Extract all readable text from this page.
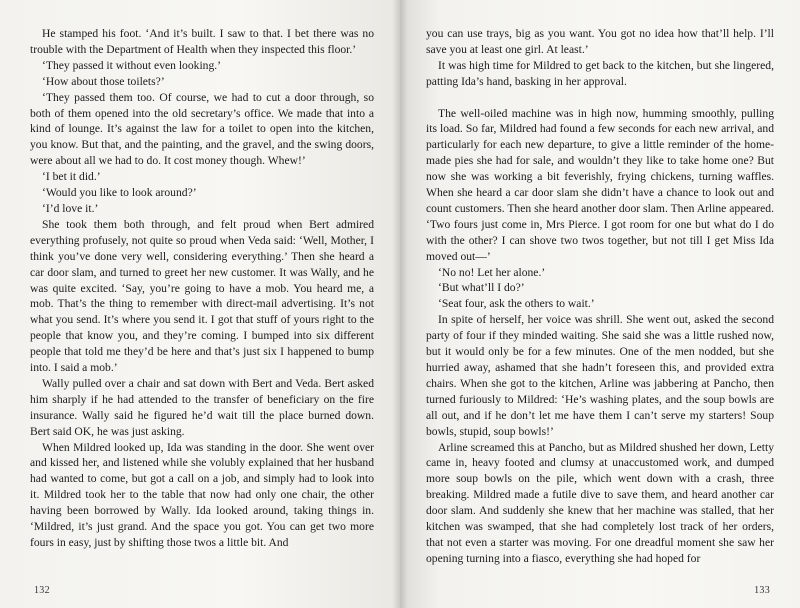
He stamped his foot. ‘And it’s built. I saw to that. I bet there was no trouble with the Department of Health when they inspected this floor.’

‘They passed it without even looking.’

‘How about those toilets?’

‘They passed them too. Of course, we had to cut a door through, so both of them opened into the old secretary’s office. We made that into a kind of lounge. It’s against the law for a toilet to open into the kitchen, you know. But that, and the painting, and the gravel, and the swing doors, were about all we had to do. It cost money though. Whew!’

‘I bet it did.’

‘Would you like to look around?’

‘I’d love it.’

She took them both through, and felt proud when Bert admired everything profusely, not quite so proud when Veda said: ‘Well, Mother, I think you’ve done very well, considering everything.’ Then she heard a car door slam, and turned to greet her new customer. It was Wally, and he was quite excited. ‘Say, you’re going to have a mob. You heard me, a mob. That’s the thing to remember with direct-mail advertising. It’s not what you send. It’s where you send it. I got that stuff of yours right to the people that know you, and they’re coming. I bumped into six different people that told me they’d be here and that’s just six I happened to bump into. I said a mob.’

Wally pulled over a chair and sat down with Bert and Veda. Bert asked him sharply if he had attended to the transfer of beneficiary on the fire insurance. Wally said he figured he’d wait till the place burned down. Bert said OK, he was just asking.

When Mildred looked up, Ida was standing in the door. She went over and kissed her, and listened while she volubly explained that her husband had wanted to come, but got a call on a job, and simply had to look into it. Mildred took her to the table that now had only one chair, the other having been borrowed by Wally. Ida looked around, taking things in. ‘Mildred, it’s just grand. And the space you got. You can get two more fours in easy, just by shifting those twos a little bit. And

132

you can use trays, big as you want. You got no idea how that’ll help. I’ll save you at least one girl. At least.’

It was high time for Mildred to get back to the kitchen, but she lingered, patting Ida’s hand, basking in her approval.

The well-oiled machine was in high now, humming smoothly, pulling its load. So far, Mildred had found a few seconds for each new arrival, and particularly for each new departure, to give a little reminder of the home-made pies she had for sale, and wouldn’t they like to take home one? But now she was working a bit feverishly, frying chickens, turning waffles. When she heard a car door slam she didn’t have a chance to look out and count customers. Then she heard another door slam. Then Arline appeared. ‘Two fours just come in, Mrs Pierce. I got room for one but what do I do with the other? I can shove two twos together, but not till I get Miss Ida moved out—’

‘No no! Let her alone.’

‘But what’ll I do?’

‘Seat four, ask the others to wait.’

In spite of herself, her voice was shrill. She went out, asked the second party of four if they minded waiting. She said she was a little rushed now, but it would only be for a few minutes. One of the men nodded, but she hurried away, ashamed that she hadn’t foreseen this, and provided extra chairs. When she got to the kitchen, Arline was jabbering at Pancho, then turned furiously to Mildred: ‘He’s washing plates, and the soup bowls are all out, and if he don’t let me have them I can’t serve my starters! Soup bowls, stupid, soup bowls!’

Arline screamed this at Pancho, but as Mildred shushed her down, Letty came in, heavy footed and clumsy at unaccustomed work, and dumped more soup bowls on the pile, which went down with a crash, three breaking. Mildred made a futile dive to save them, and heard another car door slam. And suddenly she knew that her machine was stalled, that her kitchen was swamped, that she had completely lost track of her orders, that not even a starter was moving. For one dreadful moment she saw her opening turning into a fiasco, everything she had hoped for

133
